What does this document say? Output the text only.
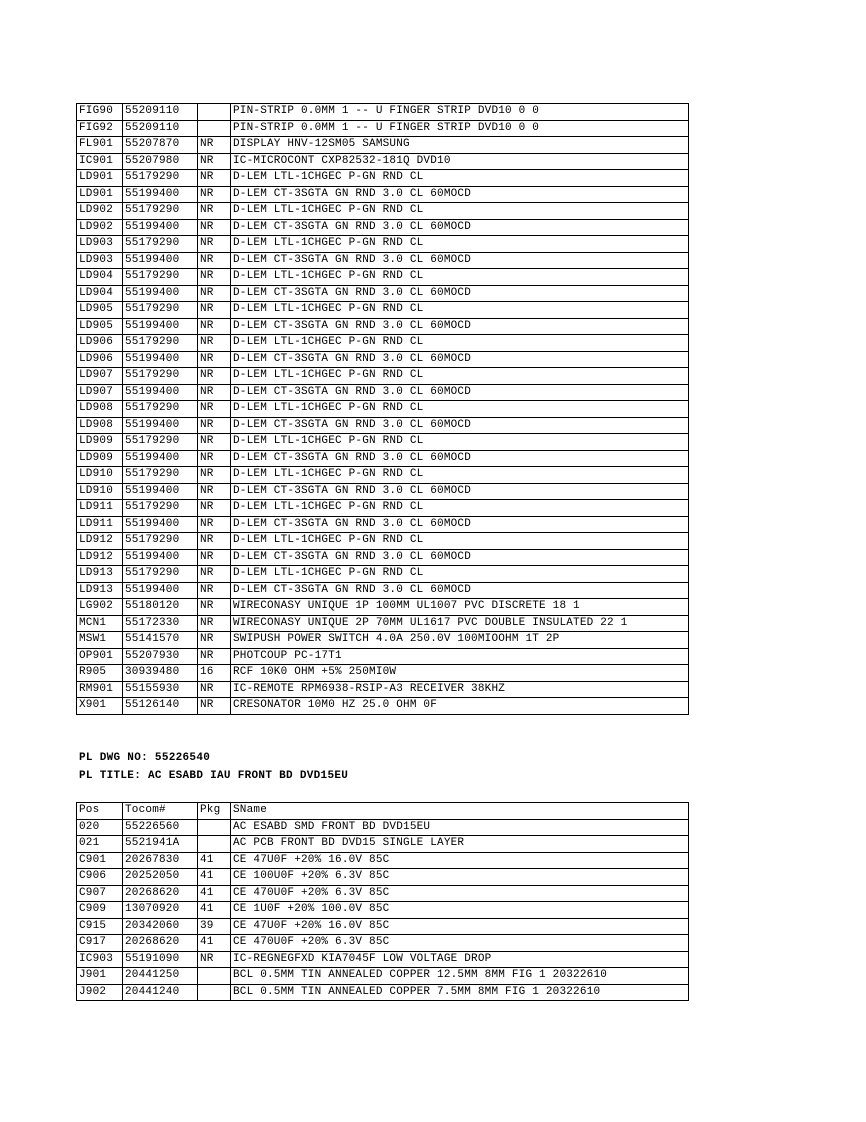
FIG90	55209110		PIN-STRIP 0.0MM 1 -- U FINGER STRIP DVD10 0 0
FIG92	55209110		PIN-STRIP 0.0MM 1 -- U FINGER STRIP DVD10 0 0
FL901	55207870	NR	DISPLAY HNV-12SM05 SAMSUNG
IC901	55207980	NR	IC-MICROCONT CXP82532-181Q DVD10
LD901	55179290	NR	D-LEM LTL-1CHGEC P-GN RND CL
LD901	55199400	NR	D-LEM CT-3SGTA GN RND 3.0 CL 60MOCD
LD902	55179290	NR	D-LEM LTL-1CHGEC P-GN RND CL
LD902	55199400	NR	D-LEM CT-3SGTA GN RND 3.0 CL 60MOCD
LD903	55179290	NR	D-LEM LTL-1CHGEC P-GN RND CL
LD903	55199400	NR	D-LEM CT-3SGTA GN RND 3.0 CL 60MOCD
LD904	55179290	NR	D-LEM LTL-1CHGEC P-GN RND CL
LD904	55199400	NR	D-LEM CT-3SGTA GN RND 3.0 CL 60MOCD
LD905	55179290	NR	D-LEM LTL-1CHGEC P-GN RND CL
LD905	55199400	NR	D-LEM CT-3SGTA GN RND 3.0 CL 60MOCD
LD906	55179290	NR	D-LEM LTL-1CHGEC P-GN RND CL
LD906	55199400	NR	D-LEM CT-3SGTA GN RND 3.0 CL 60MOCD
LD907	55179290	NR	D-LEM LTL-1CHGEC P-GN RND CL
LD907	55199400	NR	D-LEM CT-3SGTA GN RND 3.0 CL 60MOCD
LD908	55179290	NR	D-LEM LTL-1CHGEC P-GN RND CL
LD908	55199400	NR	D-LEM CT-3SGTA GN RND 3.0 CL 60MOCD
LD909	55179290	NR	D-LEM LTL-1CHGEC P-GN RND CL
LD909	55199400	NR	D-LEM CT-3SGTA GN RND 3.0 CL 60MOCD
LD910	55179290	NR	D-LEM LTL-1CHGEC P-GN RND CL
LD910	55199400	NR	D-LEM CT-3SGTA GN RND 3.0 CL 60MOCD
LD911	55179290	NR	D-LEM LTL-1CHGEC P-GN RND CL
LD911	55199400	NR	D-LEM CT-3SGTA GN RND 3.0 CL 60MOCD
LD912	55179290	NR	D-LEM LTL-1CHGEC P-GN RND CL
LD912	55199400	NR	D-LEM CT-3SGTA GN RND 3.0 CL 60MOCD
LD913	55179290	NR	D-LEM LTL-1CHGEC P-GN RND CL
LD913	55199400	NR	D-LEM CT-3SGTA GN RND 3.0 CL 60MOCD
LG902	55180120	NR	WIRECONASY UNIQUE 1P 100MM UL1007 PVC DISCRETE 18 1
MCN1	55172330	NR	WIRECONASY UNIQUE 2P 70MM UL1617 PVC DOUBLE INSULATED 22 1
MSW1	55141570	NR	SWIPUSH POWER SWITCH 4.0A 250.0V 100MIOOHM 1T 2P
OP901	55207930	NR	PHOTCOUP PC-17T1
R905	30939480	16	RCF 10K0 OHM +5% 250MI0W
RM901	55155930	NR	IC-REMOTE RPM6938-RSIP-A3 RECEIVER 38KHZ
X901	55126140	NR	CRESONATOR 10M0 HZ 25.0 OHM 0F
PL DWG NO: 55226540
PL TITLE: AC ESABD IAU FRONT BD DVD15EU
Pos	Tocom#	Pkg	SName
020	55226560		AC ESABD SMD FRONT BD DVD15EU
021	5521941A		AC PCB FRONT BD DVD15 SINGLE LAYER
C901	20267830	41	CE 47U0F +20% 16.0V 85C
C906	20252050	41	CE 100U0F +20% 6.3V 85C
C907	20268620	41	CE 470U0F +20% 6.3V 85C
C909	13070920	41	CE 1U0F +20% 100.0V 85C
C915	20342060	39	CE 47U0F +20% 16.0V 85C
C917	20268620	41	CE 470U0F +20% 6.3V 85C
IC903	55191090	NR	IC-REGNEGFXD KIA7045F LOW VOLTAGE DROP
J901	20441250		BCL 0.5MM TIN ANNEALED COPPER 12.5MM 8MM FIG 1 20322610
J902	20441240		BCL 0.5MM TIN ANNEALED COPPER 7.5MM 8MM FIG 1 20322610
